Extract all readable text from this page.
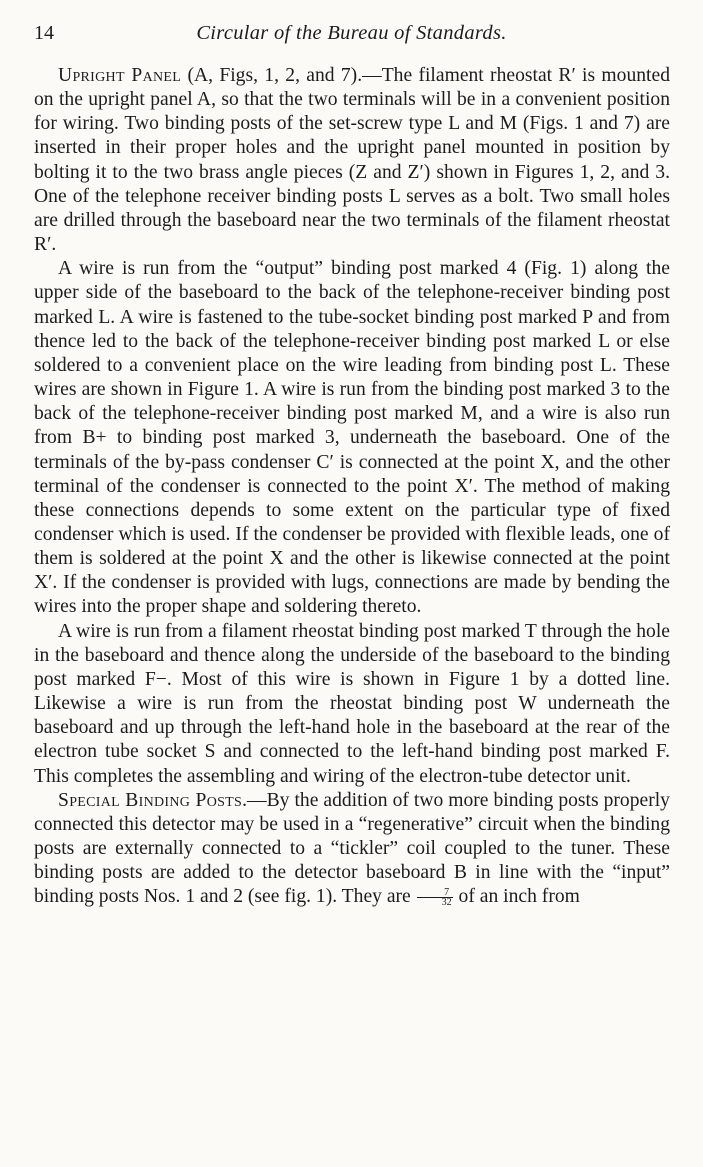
14	Circular of the Bureau of Standards.

Upright Panel (A, Figs, 1, 2, and 7).—The filament rheostat R′ is mounted on the upright panel A, so that the two terminals will be in a convenient position for wiring. Two binding posts of the set-screw type L and M (Figs. 1 and 7) are inserted in their proper holes and the upright panel mounted in position by bolting it to the two brass angle pieces (Z and Z′) shown in Figures 1, 2, and 3. One of the telephone receiver binding posts L serves as a bolt. Two small holes are drilled through the baseboard near the two terminals of the filament rheostat R′.

A wire is run from the “output” binding post marked 4 (Fig. 1) along the upper side of the baseboard to the back of the telephone-receiver binding post marked L. A wire is fastened to the tube-socket binding post marked P and from thence led to the back of the telephone-receiver binding post marked L or else soldered to a convenient place on the wire leading from binding post L. These wires are shown in Figure 1. A wire is run from the binding post marked 3 to the back of the telephone-receiver binding post marked M, and a wire is also run from B+ to binding post marked 3, underneath the baseboard. One of the terminals of the by-pass condenser C′ is connected at the point X, and the other terminal of the condenser is connected to the point X′. The method of making these connections depends to some extent on the particular type of fixed condenser which is used. If the condenser be provided with flexible leads, one of them is soldered at the point X and the other is likewise connected at the point X′. If the condenser is provided with lugs, connections are made by bending the wires into the proper shape and soldering thereto.

A wire is run from a filament rheostat binding post marked T through the hole in the baseboard and thence along the underside of the baseboard to the binding post marked F−. Most of this wire is shown in Figure 1 by a dotted line. Likewise a wire is run from the rheostat binding post W underneath the baseboard and up through the left-hand hole in the baseboard at the rear of the electron tube socket S and connected to the left-hand binding post marked F. This completes the assembling and wiring of the electron-tube detector unit.

Special Binding Posts.—By the addition of two more binding posts properly connected this detector may be used in a “regenerative” circuit when the binding posts are externally connected to a “tickler” coil coupled to the tuner. These binding posts are added to the detector baseboard B in line with the “input” binding posts Nos. 1 and 2 (see fig. 1). They are $\frac{7}{32}$ of an inch from
